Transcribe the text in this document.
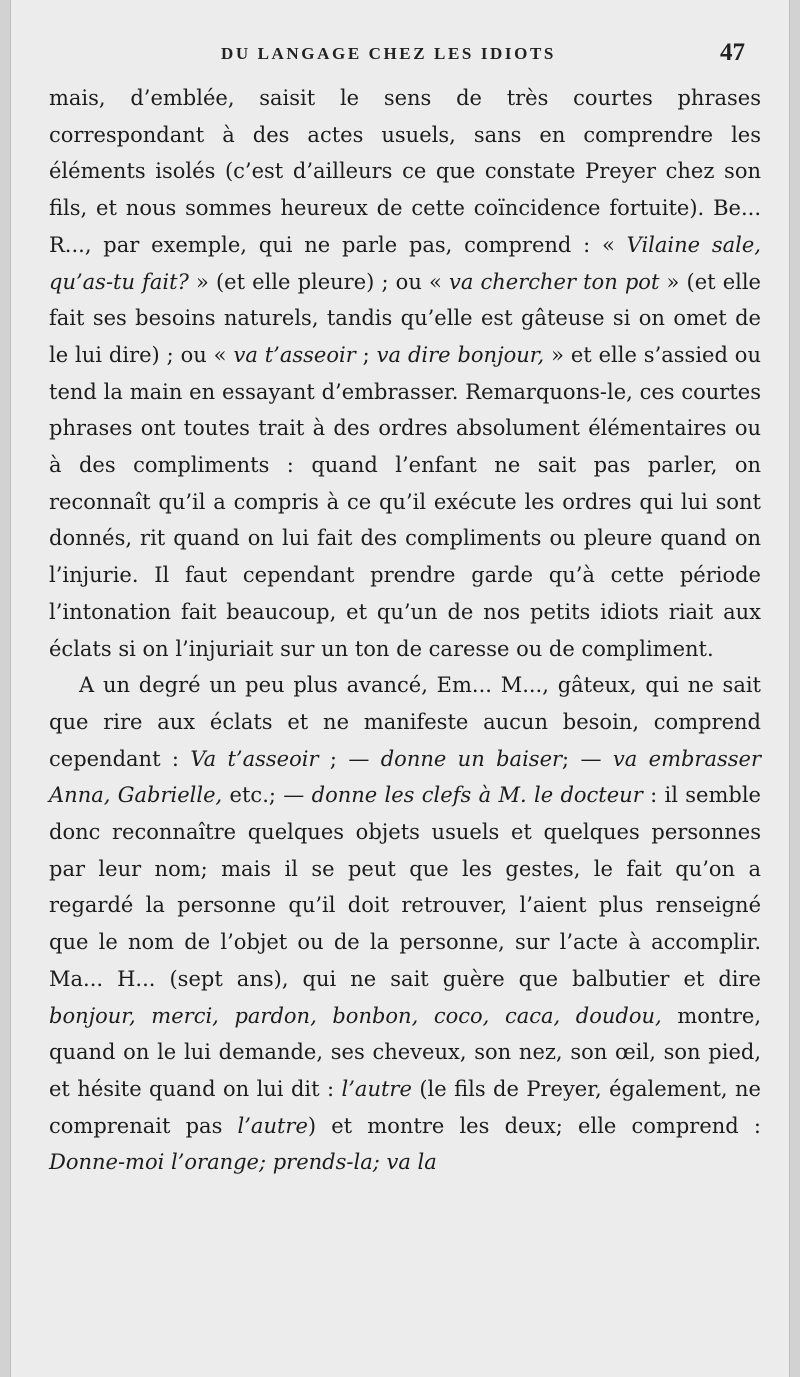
DU LANGAGE CHEZ LES IDIOTS	47

mais, d’emblée, saisit le sens de très courtes phrases correspondant à des actes usuels, sans en comprendre les éléments isolés (c’est d’ailleurs ce que constate Preyer chez son fils, et nous sommes heureux de cette coïncidence fortuite). Be... R..., par exemple, qui ne parle pas, comprend : « Vilaine sale, qu’as-tu fait? » (et elle pleure) ; ou « va chercher ton pot » (et elle fait ses besoins naturels, tandis qu’elle est gâteuse si on omet de le lui dire) ; ou « va t’asseoir ; va dire bonjour, » et elle s’assied ou tend la main en essayant d’embrasser. Remarquons-le, ces courtes phrases ont toutes trait à des ordres absolument élémentaires ou à des compliments : quand l’enfant ne sait pas parler, on reconnaît qu’il a compris à ce qu’il exécute les ordres qui lui sont donnés, rit quand on lui fait des compliments ou pleure quand on l’injurie. Il faut cependant prendre garde qu’à cette période l’intonation fait beaucoup, et qu’un de nos petits idiots riait aux éclats si on l’injuriait sur un ton de caresse ou de compliment.

A un degré un peu plus avancé, Em... M..., gâteux, qui ne sait que rire aux éclats et ne manifeste aucun besoin, comprend cependant : Va t’asseoir ; — donne un baiser; — va embrasser Anna, Gabrielle, etc.; — donne les clefs à M. le docteur : il semble donc reconnaître quelques objets usuels et quelques personnes par leur nom; mais il se peut que les gestes, le fait qu’on a regardé la personne qu’il doit retrouver, l’aient plus renseigné que le nom de l’objet ou de la personne, sur l’acte à accomplir. Ma... H... (sept ans), qui ne sait guère que balbutier et dire bonjour, merci, pardon, bonbon, coco, caca, doudou, montre, quand on le lui demande, ses cheveux, son nez, son œil, son pied, et hésite quand on lui dit : l’autre (le fils de Preyer, également, ne comprenait pas l’autre) et montre les deux; elle comprend : Donne-moi l’orange; prends-la; va la
